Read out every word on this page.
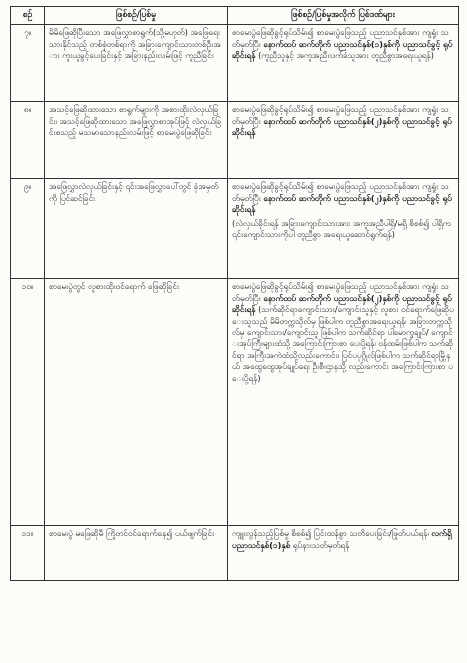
စဉ်	ဖြစ်စဉ်/ပြစ်မှု	ဖြစ်စဉ်/ပြစ်မှုအလိုက် ပြစ်ဒဏ်များ
၇။	မိမိဖြေဆိုပြီးသော အဖြေလွှာစာရွက်(သို့မဟုတ်) အဖြေရေးသားနိုင်သည့် တစ်စုံတစ်ရာကို အခြားကျောင်းသားတစ်ဦးအား ကူးယူခွင့်ပေးခြင်းနှင့် အခြားနည်းလမ်းဖြင့် ကူညီခြင်း	စာမေးပွဲဖြေဆိုခွင့်ရုပ်သိမ်း၍ စာမေးပွဲဖြေသည့် ပညာသင်နှစ်အား ကျရှုံး သတ်မှတ်ပြီး နောက်ထပ် ဆက်တိုက် ပညာသင်နှစ်(၁)နှစ်ကို ပညာသင်ခွင့် ရုပ်ဆိုင်းရန် (ကူညီသူနှင့် အကူအညီလက်ခံသူအား တူညီစွာအရေးယူရန်)
၈။	အသင့်ဖြေဆိုထားသော စာရွက်များကို အစားထိုးလဲလှယ်ခြင်း၊ အသင့်ဖြေဆိုထားသော အဖြေလွှာစာအုပ်ဖြင့် လဲလှယ်ခြင်းစသည့် မသမာသောနည်းလမ်းဖြင့် စာမေးပွဲဖြေဆိုခြင်း	စာမေးပွဲဖြေဆိုခွင့်ရုပ်သိမ်း၍ စာမေးပွဲဖြေသည့် ပညာသင်နှစ်အား ကျရှုံး သတ်မှတ်ပြီး နောက်ထပ် ဆက်တိုက် ပညာသင်နှစ်(၂)နှစ်ကို ပညာသင်ခွင့် ရုပ်ဆိုင်းရန်
၉။	အဖြေလွှာလဲလှယ်ခြင်းနှင့် ၎င်းအဖြေလွှာပေါ်တွင် ခုံအမှတ်ကို ပြင်ဆင်ခြင်း	စာမေးပွဲဖြေဆိုခွင့်ရုပ်သိမ်း၍ စာမေးပွဲဖြေသည့် ပညာသင်နှစ်အား ကျရှုံး သတ်မှတ်ပြီး နောက်ထပ် ဆက်တိုက် ပညာသင်နှစ်(၂)နှစ်ကို ပညာသင်ခွင့် ရုပ်ဆိုင်းရန်
(လဲလှယ်ခိုင်းရန် အခြားကျောင်းသားအား အကူအညီပါရှိ/မရှိ စိစစ်၍ ပါရှိက ၎င်းကျောင်းသားကိုပါ တူညီစွာ အရေးယူဆောင်ရွက်ရန်)

၁၀။	စာမေးပွဲတွင် လူစားထိုးဝင်ရောက် ဖြေဆိုခြင်း	စာမေးပွဲဖြေဆိုခွင့်ရုပ်သိမ်း၍ စာမေးပွဲဖြေသည့် ပညာသင်နှစ်အား ကျရှုံး သတ်မှတ်ပြီး နောက်ထပ် ဆက်တိုက် ပညာသင်နှစ်(၂)နှစ်ကို ပညာသင်ခွင့် ရုပ်ဆိုင်းရန် (သက်ဆိုင်ရာကျောင်းသား/ကျောင်းသူနှင့် လူစား ဝင်ရောက်ဖြေဆိုပေးသူသည် မိမိတက္ကသိုလ်မှ ဖြစ်ပါက တူညီစွာအရေးယူရန်၊ အခြားတက္ကသိုလ်မှ ကျောင်းသား/ကျောင်းသူ ဖြစ်ပါက သက်ဆိုင်ရာ ပါမောက္ခချုပ်/ ကျောင်းအုပ်ကြီးများထံသို့ အကြောင်းကြားစာ ပေးပို့ရန်၊ ဝန်ထမ်းဖြစ်ပါက သက်ဆိုင်ရာ အကြီးအကဲထံသို့လည်းကောင်း၊ ပြင်ပပုဂ္ဂိုလ်ဖြစ်ပါက သက်ဆိုင်ရာမြို့နယ် အထွေထွေအုပ်ချုပ်ရေး ဦးစီးဌာနသို့ လည်းကောင်း အကြောင်းကြားစာ ပေးပို့ရန်)
၁၁။	စာမေးပွဲ မဖြေဆိုမီ ကြိုတင်ဝင်ရောက်နေ၍ ပယ်ဖျက်ခြင်း	ကျူးလွန်သည့်ပြစ်မှု စိစစ်၍ ပြင်းထန်စွာ သတိပေးခြင်း/ဖြုတ်ပယ်ရန်၊ လက်ရှိ ပညာသင်နှစ်(၁)နှစ် ရုပ်နားသတ်မှတ်ရန်
